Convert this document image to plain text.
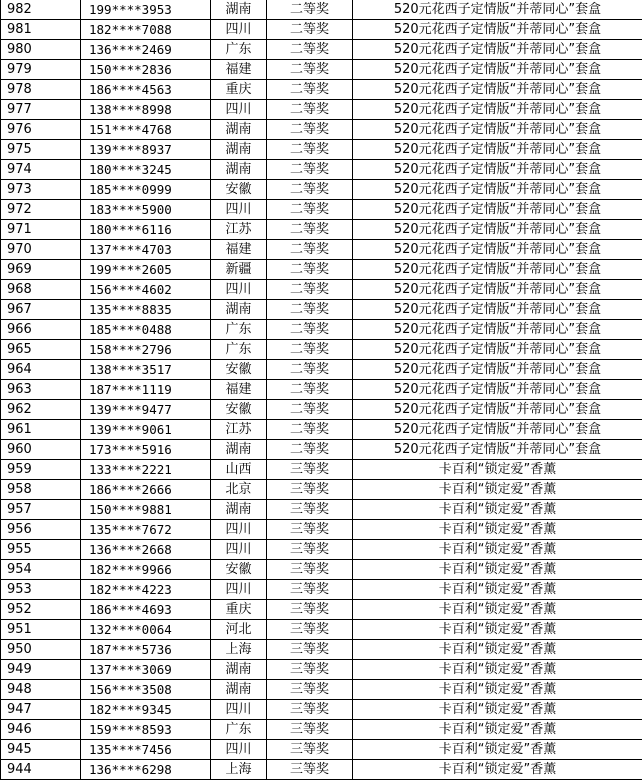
982	199****3953	湖南	二等奖	520元花西子定情版“并蒂同心”套盒
981	182****7088	四川	二等奖	520元花西子定情版“并蒂同心”套盒
980	136****2469	广东	二等奖	520元花西子定情版“并蒂同心”套盒
979	150****2836	福建	二等奖	520元花西子定情版“并蒂同心”套盒
978	186****4563	重庆	二等奖	520元花西子定情版“并蒂同心”套盒
977	138****8998	四川	二等奖	520元花西子定情版“并蒂同心”套盒
976	151****4768	湖南	二等奖	520元花西子定情版“并蒂同心”套盒
975	139****8937	湖南	二等奖	520元花西子定情版“并蒂同心”套盒
974	180****3245	湖南	二等奖	520元花西子定情版“并蒂同心”套盒
973	185****0999	安徽	二等奖	520元花西子定情版“并蒂同心”套盒
972	183****5900	四川	二等奖	520元花西子定情版“并蒂同心”套盒
971	180****6116	江苏	二等奖	520元花西子定情版“并蒂同心”套盒
970	137****4703	福建	二等奖	520元花西子定情版“并蒂同心”套盒
969	199****2605	新疆	二等奖	520元花西子定情版“并蒂同心”套盒
968	156****4602	四川	二等奖	520元花西子定情版“并蒂同心”套盒
967	135****8835	湖南	二等奖	520元花西子定情版“并蒂同心”套盒
966	185****0488	广东	二等奖	520元花西子定情版“并蒂同心”套盒
965	158****2796	广东	二等奖	520元花西子定情版“并蒂同心”套盒
964	138****3517	安徽	二等奖	520元花西子定情版“并蒂同心”套盒
963	187****1119	福建	二等奖	520元花西子定情版“并蒂同心”套盒
962	139****9477	安徽	二等奖	520元花西子定情版“并蒂同心”套盒
961	139****9061	江苏	二等奖	520元花西子定情版“并蒂同心”套盒
960	173****5916	湖南	二等奖	520元花西子定情版“并蒂同心”套盒
959	133****2221	山西	三等奖	卡百利“锁定爱”香薰
958	186****2666	北京	三等奖	卡百利“锁定爱”香薰
957	150****9881	湖南	三等奖	卡百利“锁定爱”香薰
956	135****7672	四川	三等奖	卡百利“锁定爱”香薰
955	136****2668	四川	三等奖	卡百利“锁定爱”香薰
954	182****9966	安徽	三等奖	卡百利“锁定爱”香薰
953	182****4223	四川	三等奖	卡百利“锁定爱”香薰
952	186****4693	重庆	三等奖	卡百利“锁定爱”香薰
951	132****0064	河北	三等奖	卡百利“锁定爱”香薰
950	187****5736	上海	三等奖	卡百利“锁定爱”香薰
949	137****3069	湖南	三等奖	卡百利“锁定爱”香薰
948	156****3508	湖南	三等奖	卡百利“锁定爱”香薰
947	182****9345	四川	三等奖	卡百利“锁定爱”香薰
946	159****8593	广东	三等奖	卡百利“锁定爱”香薰
945	135****7456	四川	三等奖	卡百利“锁定爱”香薰
944	136****6298	上海	三等奖	卡百利“锁定爱”香薰
